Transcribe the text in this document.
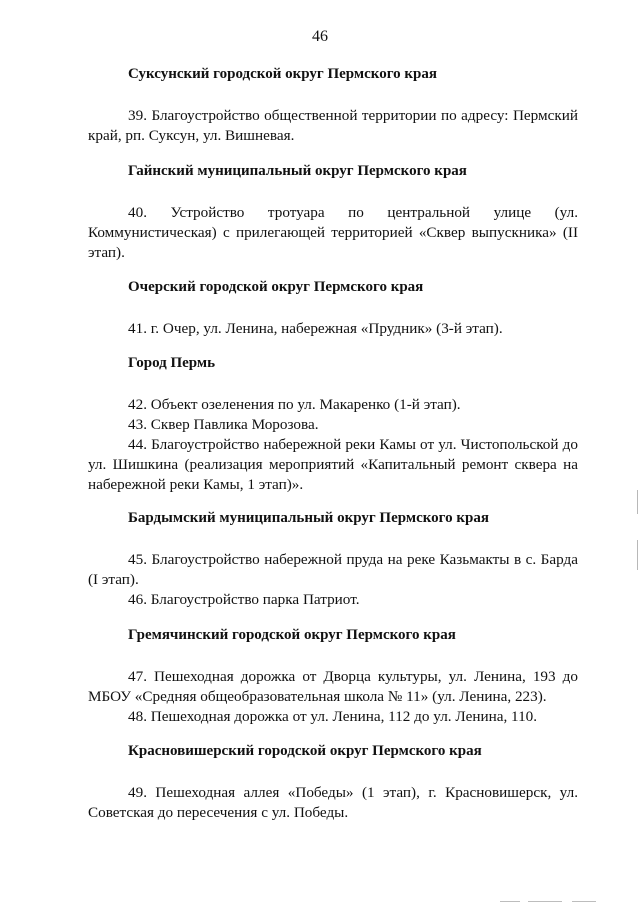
46
Суксунский городской округ Пермского края
39. Благоустройство общественной территории по адресу: Пермский край, рп. Суксун, ул. Вишневая.
Гайнский муниципальный округ Пермского края
40. Устройство тротуара по центральной улице (ул. Коммунистическая) с прилегающей территорией «Сквер выпускника» (II этап).
Очерский городской округ Пермского края
41. г. Очер, ул. Ленина, набережная «Прудник» (3-й этап).
Город Пермь
42. Объект озеленения по ул. Макаренко (1-й этап).
43. Сквер Павлика Морозова.
44. Благоустройство набережной реки Камы от ул. Чистопольской до ул. Шишкина (реализация мероприятий «Капитальный ремонт сквера на набережной реки Камы, 1 этап)».
Бардымский муниципальный округ Пермского края
45. Благоустройство набережной пруда на реке Казьмакты в с. Барда (I этап).
46. Благоустройство парка Патриот.
Гремячинский городской округ Пермского края
47. Пешеходная дорожка от Дворца культуры, ул. Ленина, 193 до МБОУ «Средняя общеобразовательная школа № 11» (ул. Ленина, 223).
48. Пешеходная дорожка от ул. Ленина, 112 до ул. Ленина, 110.
Красновишерский городской округ Пермского края
49. Пешеходная аллея «Победы» (1 этап), г. Красновишерск, ул. Советская до пересечения с ул. Победы.
